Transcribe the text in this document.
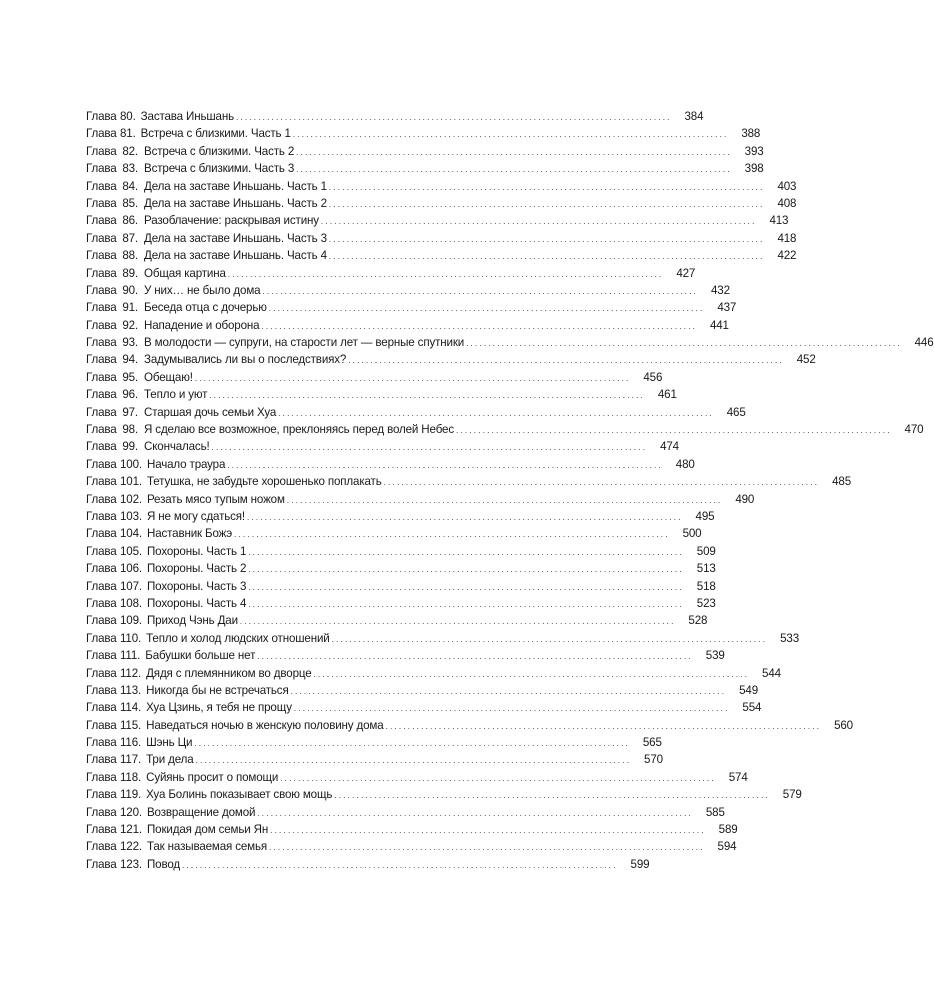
Глава 80. Застава Иньшань . . .	384
Глава 81. Встреча с близкими. Часть 1 . . .	388
Глава 82. Встреча с близкими. Часть 2 . . .	393
Глава 83. Встреча с близкими. Часть 3 . . .	398
Глава 84. Дела на заставе Иньшань. Часть 1 . . .	403
Глава 85. Дела на заставе Иньшань. Часть 2 . . .	408
Глава 86. Разоблачение: раскрывая истину . . .	413
Глава 87. Дела на заставе Иньшань. Часть 3 . . .	418
Глава 88. Дела на заставе Иньшань. Часть 4 . . .	422
Глава 89. Общая картина . . .	427
Глава 90. У них… не было дома . . .	432
Глава 91. Беседа отца с дочерью . . .	437
Глава 92. Нападение и оборона . . .	441
Глава 93. В молодости — супруги, на старости лет — верные спутники . . .	446
Глава 94. Задумывались ли вы о последствиях? . . .	452
Глава 95. Обещаю! . . .	456
Глава 96. Тепло и уют . . .	461
Глава 97. Старшая дочь семьи Хуа . . .	465
Глава 98. Я сделаю все возможное, преклоняясь перед волей Небес . . .	470
Глава 99. Скончалась! . . .	474
Глава 100. Начало траура . . .	480
Глава 101. Тетушка, не забудьте хорошенько поплакать . . .	485
Глава 102. Резать мясо тупым ножом . . .	490
Глава 103. Я не могу сдаться! . . .	495
Глава 104. Наставник Божэ . . .	500
Глава 105. Похороны. Часть 1 . . .	509
Глава 106. Похороны. Часть 2 . . .	513
Глава 107. Похороны. Часть 3 . . .	518
Глава 108. Похороны. Часть 4 . . .	523
Глава 109. Приход Чэнь Даи . . .	528
Глава 110. Тепло и холод людских отношений . . .	533
Глава 111. Бабушки больше нет . . .	539
Глава 112. Дядя с племянником во дворце . . .	544
Глава 113. Никогда бы не встречаться . . .	549
Глава 114. Хуа Цзинь, я тебя не прощу . . .	554
Глава 115. Наведаться ночью в женскую половину дома . . .	560
Глава 116. Шэнь Ци . . .	565
Глава 117. Три дела . . .	570
Глава 118. Суйянь просит о помощи . . .	574
Глава 119. Хуа Болинь показывает свою мощь . . .	579
Глава 120. Возвращение домой . . .	585
Глава 121. Покидая дом семьи Ян . . .	589
Глава 122. Так называемая семья . . .	594
Глава 123. Повод . . .	599
